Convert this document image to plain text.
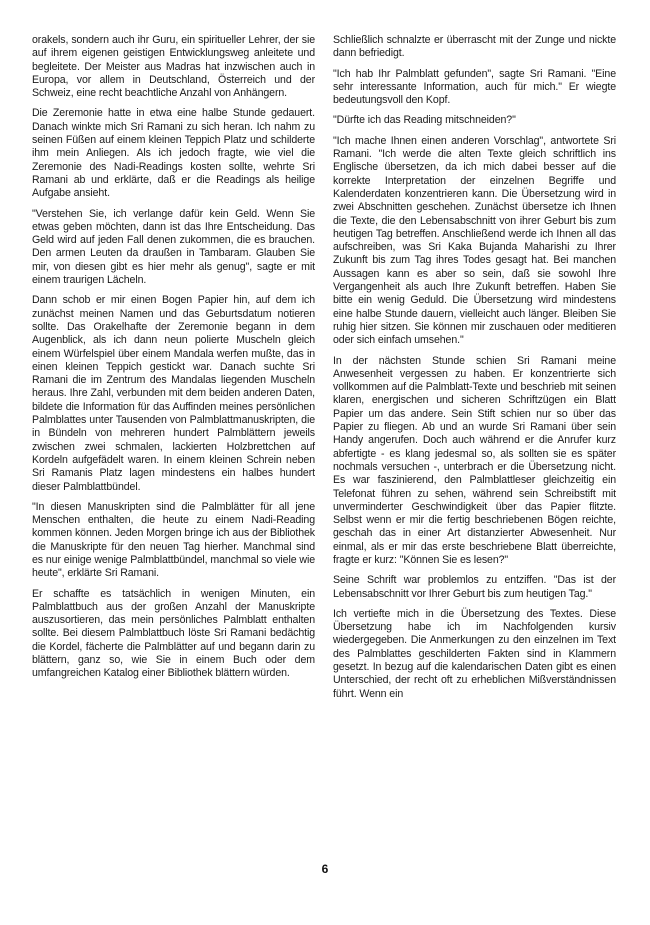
orakels, sondern auch ihr Guru, ein spiritueller Lehrer, der sie auf ihrem eigenen geistigen Entwicklungsweg anleitete und begleitete. Der Meister aus Madras hat inzwischen auch in Europa, vor allem in Deutschland, Österreich und der Schweiz, eine recht beachtliche Anzahl von Anhängern.

Die Zeremonie hatte in etwa eine halbe Stunde gedauert. Danach winkte mich Sri Ramani zu sich heran. Ich nahm zu seinen Füßen auf einem kleinen Teppich Platz und schilderte ihm mein Anliegen. Als ich jedoch fragte, wie viel die Zeremonie des Nadi-Readings kosten sollte, wehrte Sri Ramani ab und erklärte, daß er die Readings als heilige Aufgabe ansieht.

"Verstehen Sie, ich verlange dafür kein Geld. Wenn Sie etwas geben möchten, dann ist das Ihre Entscheidung. Das Geld wird auf jeden Fall denen zukommen, die es brauchen. Den armen Leuten da draußen in Tambaram. Glauben Sie mir, von diesen gibt es hier mehr als genug", sagte er mit einem traurigen Lächeln.

Dann schob er mir einen Bogen Papier hin, auf dem ich zunächst meinen Namen und das Geburtsdatum notieren sollte. Das Orakelhafte der Zeremonie begann in dem Augenblick, als ich dann neun polierte Muscheln gleich einem Würfelspiel über einem Mandala werfen mußte, das in einen kleinen Teppich gestickt war. Danach suchte Sri Ramani die im Zentrum des Mandalas liegenden Muscheln heraus. Ihre Zahl, verbunden mit dem beiden anderen Daten, bildete die Information für das Auffinden meines persönlichen Palmblattes unter Tausenden von Palmblattmanuskripten, die in Bündeln von mehreren hundert Palmblättern jeweils zwischen zwei schmalen, lackierten Holzbrettchen auf Kordeln aufgefädelt waren. In einem kleinen Schrein neben Sri Ramanis Platz lagen mindestens ein halbes hundert dieser Palmblattbündel.

"In diesen Manuskripten sind die Palmblätter für all jene Menschen enthalten, die heute zu einem Nadi-Reading kommen können. Jeden Morgen bringe ich aus der Bibliothek die Manuskripte für den neuen Tag hierher. Manchmal sind es nur einige wenige Palmblattbündel, manchmal so viele wie heute", erklärte Sri Ramani.

Er schaffte es tatsächlich in wenigen Minuten, ein Palmblattbuch aus der großen Anzahl der Manuskripte auszusortieren, das mein persönliches Palmblatt enthalten sollte. Bei diesem Palmblattbuch löste Sri Ramani bedächtig die Kordel, fächerte die Palmblätter auf und begann darin zu blättern, ganz so, wie Sie in einem Buch oder dem umfangreichen Katalog einer Bibliothek blättern würden.

Schließlich schnalzte er überrascht mit der Zunge und nickte dann befriedigt.

"Ich hab Ihr Palmblatt gefunden", sagte Sri Ramani. "Eine sehr interessante Information, auch für mich." Er wiegte bedeutungsvoll den Kopf.

"Dürfte ich das Reading mitschneiden?"

"Ich mache Ihnen einen anderen Vorschlag", antwortete Sri Ramani. "Ich werde die alten Texte gleich schriftlich ins Englische übersetzen, da ich mich dabei besser auf die korrekte Interpretation der einzelnen Begriffe und Kalenderdaten konzentrieren kann. Die Übersetzung wird in zwei Abschnitten geschehen. Zunächst übersetze ich Ihnen die Texte, die den Lebensabschnitt von ihrer Geburt bis zum heutigen Tag betreffen. Anschließend werde ich Ihnen all das aufschreiben, was Sri Kaka Bujanda Maharishi zu Ihrer Zukunft bis zum Tag ihres Todes gesagt hat. Bei manchen Aussagen kann es aber so sein, daß sie sowohl Ihre Vergangenheit als auch Ihre Zukunft betreffen. Haben Sie bitte ein wenig Geduld. Die Übersetzung wird mindestens eine halbe Stunde dauern, vielleicht auch länger. Bleiben Sie ruhig hier sitzen. Sie können mir zuschauen oder meditieren oder sich einfach umsehen."

In der nächsten Stunde schien Sri Ramani meine Anwesenheit vergessen zu haben. Er konzentrierte sich vollkommen auf die Palmblatt-Texte und beschrieb mit seinen klaren, energischen und sicheren Schriftzügen ein Blatt Papier um das andere. Sein Stift schien nur so über das Papier zu fliegen. Ab und an wurde Sri Ramani über sein Handy angerufen. Doch auch während er die Anrufer kurz abfertigte - es klang jedesmal so, als sollten sie es später nochmals versuchen -, unterbrach er die Übersetzung nicht. Es war faszinierend, den Palmblattleser gleichzeitig ein Telefonat führen zu sehen, während sein Schreibstift mit unverminderter Geschwindigkeit über das Papier flitzte. Selbst wenn er mir die fertig beschriebenen Bögen reichte, geschah das in einer Art distanzierter Abwesenheit. Nur einmal, als er mir das erste beschriebene Blatt überreichte, fragte er kurz: "Können Sie es lesen?"

Seine Schrift war problemlos zu entziffen. "Das ist der Lebensabschnitt vor Ihrer Geburt bis zum heutigen Tag."

Ich vertiefte mich in die Übersetzung des Textes. Diese Übersetzung habe ich im Nachfolgenden kursiv wiedergegeben. Die Anmerkungen zu den einzelnen im Text des Palmblattes geschilderten Fakten sind in Klammern gesetzt. In bezug auf die kalendarischen Daten gibt es einen Unterschied, der recht oft zu erheblichen Mißverständnissen führt. Wenn ein

6
